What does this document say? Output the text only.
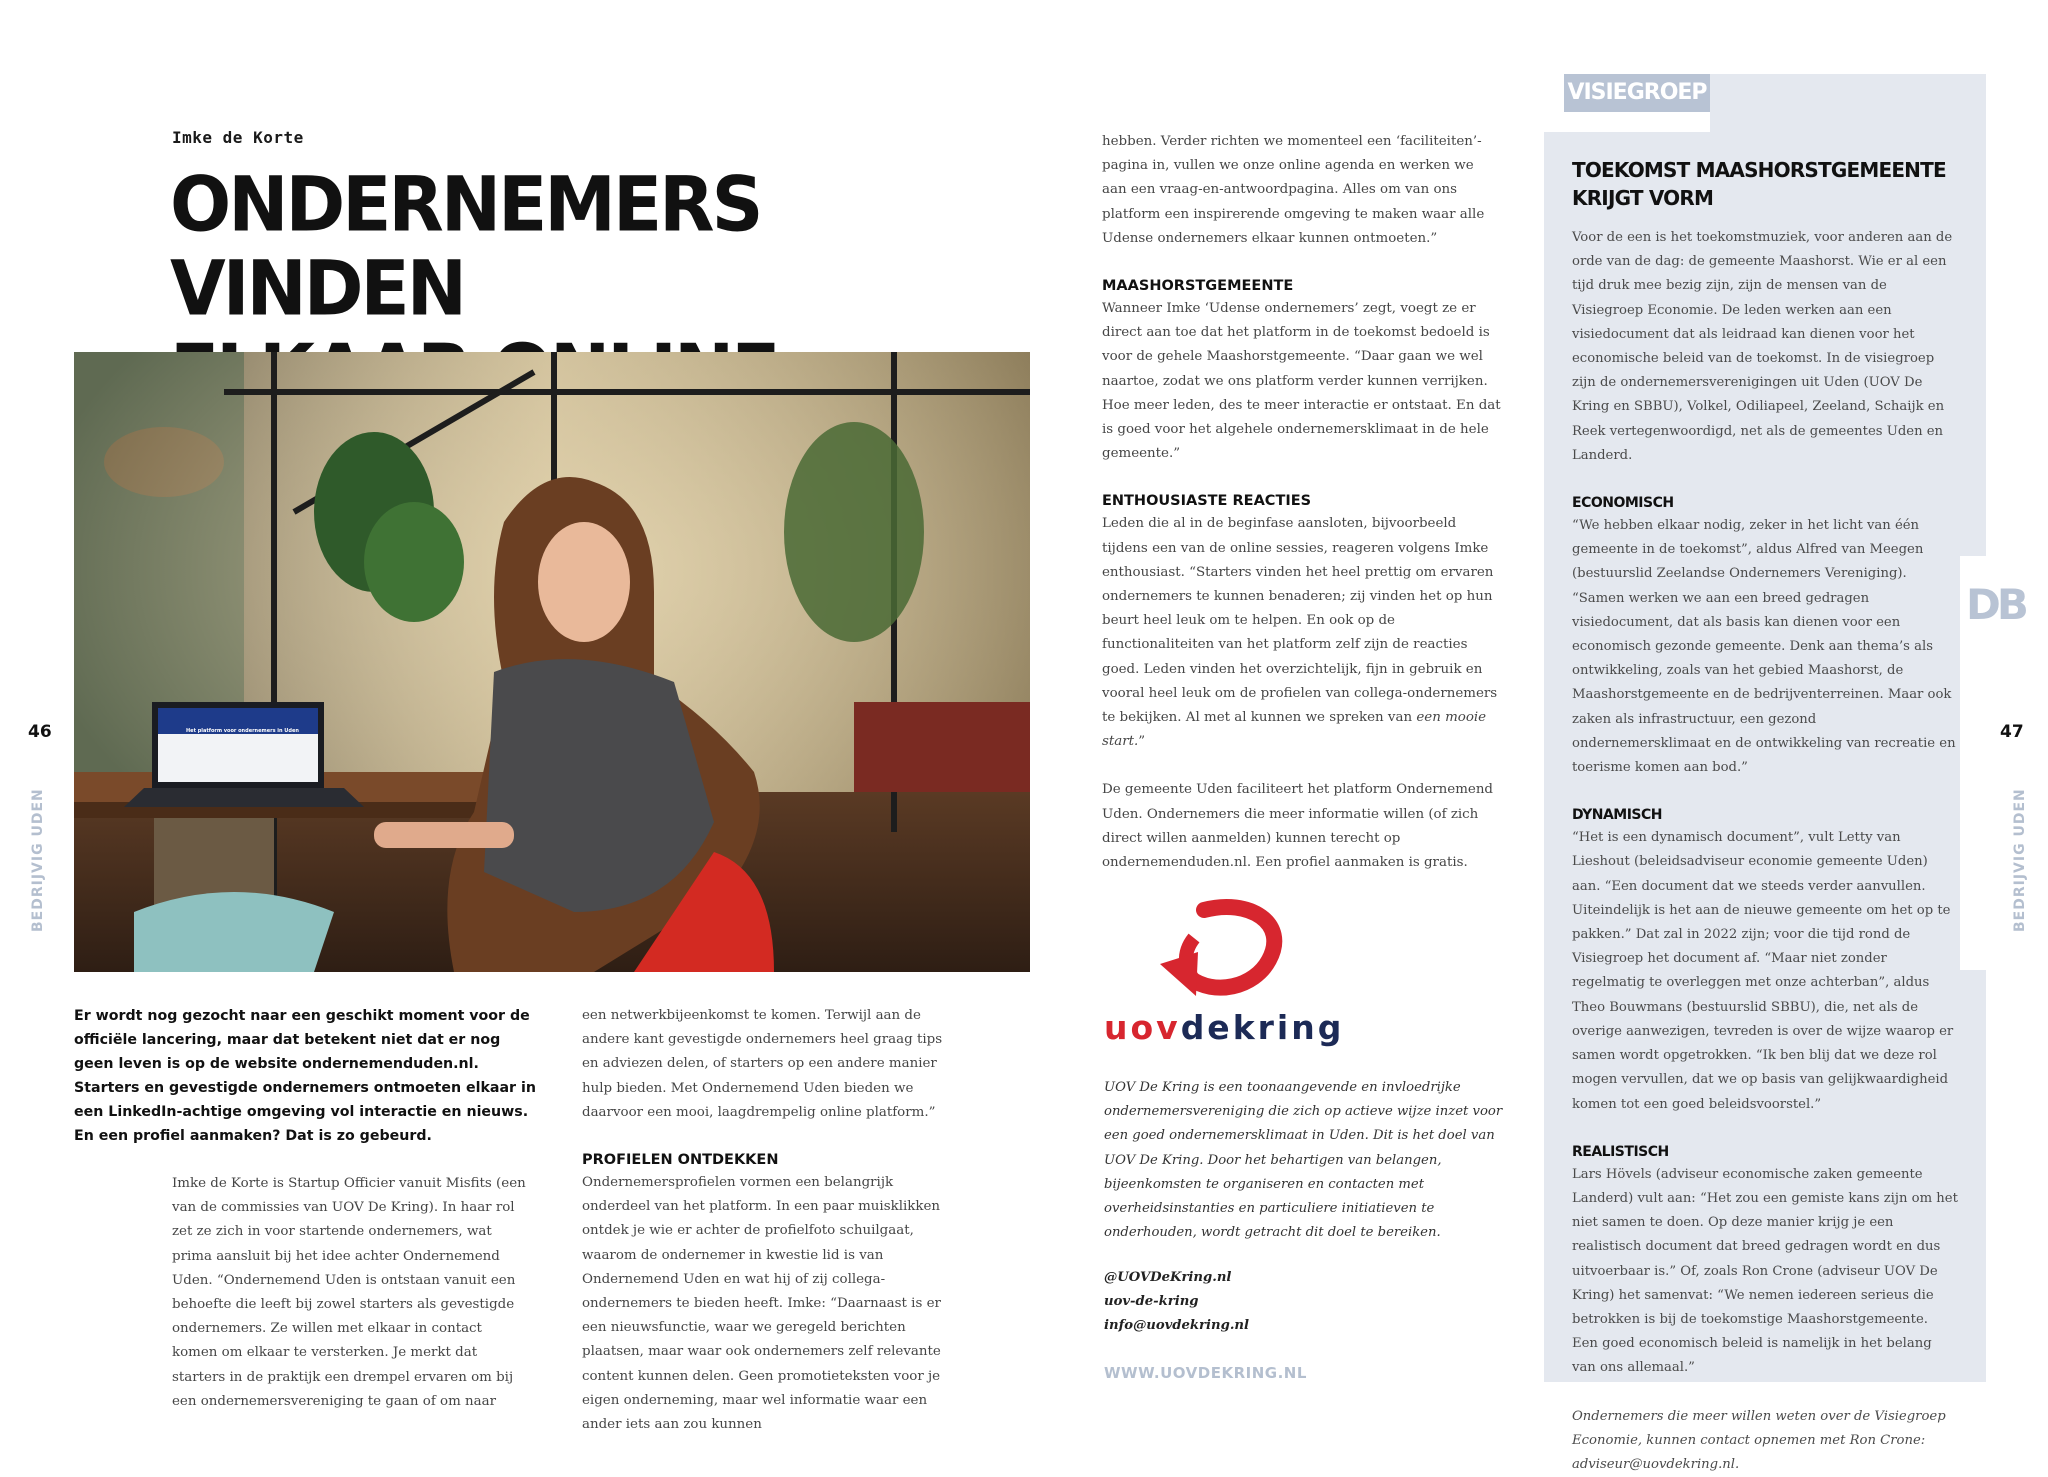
Imke de Korte
ONDERNEMERS VINDEN
Het platform voor ondernemers in Uden
Er wordt nog gezocht naar een geschikt moment voor de officiële lancering, maar dat betekent niet dat er nog geen leven is op de website ondernemenduden.nl. Starters en gevestigde ondernemers ontmoeten elkaar in een LinkedIn-achtige omgeving vol interactie en nieuws. En een profiel aanmaken? Dat is zo gebeurd.

Imke de Korte is Startup Officier vanuit Misfits (een van de commissies van UOV De Kring). In haar rol zet ze zich in voor startende ondernemers, wat prima aansluit bij het idee achter Ondernemend Uden. “Ondernemend Uden is ontstaan vanuit een behoefte die leeft bij zowel starters als gevestigde ondernemers. Ze willen met elkaar in contact komen om elkaar te versterken. Je merkt dat starters in de praktijk een drempel ervaren om bij een ondernemersvereniging te gaan of om naar

een netwerkbijeenkomst te komen. Terwijl aan de andere kant gevestigde ondernemers heel graag tips en adviezen delen, of starters op een andere manier hulp bieden. Met Ondernemend Uden bieden we daarvoor een mooi, laagdrempelig online platform.”

PROFIELEN ONTDEKKEN

Ondernemersprofielen vormen een belangrijk onderdeel van het platform. In een paar muisklikken ontdek je wie er achter de profielfoto schuilgaat, waarom de ondernemer in kwestie lid is van Ondernemend Uden en wat hij of zij collega-ondernemers te bieden heeft. Imke: “Daarnaast is er een nieuwsfunctie, waar we geregeld berichten plaatsen, maar waar ook ondernemers zelf relevante content kunnen delen. Geen promotieteksten voor je eigen onderneming, maar wel informatie waar een ander iets aan zou kunnen

46
BEDRIJVIG UDEN

hebben. Verder richten we momenteel een ‘faciliteiten’-pagina in, vullen we onze online agenda en werken we aan een vraag-en-antwoordpagina. Alles om van ons platform een inspirerende omgeving te maken waar alle Udense ondernemers elkaar kunnen ontmoeten.”

MAASHORSTGEMEENTE

Wanneer Imke ‘Udense ondernemers’ zegt, voegt ze er direct aan toe dat het platform in de toekomst bedoeld is voor de gehele Maashorstgemeente. “Daar gaan we wel naartoe, zodat we ons platform verder kunnen verrijken. Hoe meer leden, des te meer interactie er ontstaat. En dat is goed voor het algehele ondernemersklimaat in de hele gemeente.”

ENTHOUSIASTE REACTIES

Leden die al in de beginfase aansloten, bijvoorbeeld tijdens een van de online sessies, reageren volgens Imke enthousiast. “Starters vinden het heel prettig om ervaren ondernemers te kunnen benaderen; zij vinden het op hun beurt heel leuk om te helpen. En ook op de functionaliteiten van het platform zelf zijn de reacties goed. Leden vinden het overzichtelijk, fijn in gebruik en vooral heel leuk om de profielen van collega-ondernemers te bekijken. Al met al kunnen we spreken van een mooie start.”

De gemeente Uden faciliteert het platform Ondernemend Uden. Ondernemers die meer informatie willen (of zich direct willen aanmelden) kunnen terecht op ondernemenduden.nl. Een profiel aanmaken is gratis.

uovdekring
UOV De Kring is een toonaangevende en invloedrijke ondernemersvereniging die zich op actieve wijze inzet voor een goed ondernemersklimaat in Uden. Dit is het doel van UOV De Kring. Door het behartigen van belangen, bijeenkomsten te organiseren en contacten met overheidsinstanties en particuliere initiatieven te onderhouden, wordt getracht dit doel te bereiken.
@UOVDeKring.nl
uov-de-kring
info@uovdekring.nl
WWW.UOVDEKRING.NL
VISIEGROEP
TOEKOMST MAASHORSTGEMEENTE
KRIJGT VORM

Voor de een is het toekomstmuziek, voor anderen aan de orde van de dag: de gemeente Maashorst. Wie er al een tijd druk mee bezig zijn, zijn de mensen van de Visiegroep Economie. De leden werken aan een visiedocument dat als leidraad kan dienen voor het economische beleid van de toekomst. In de visiegroep zijn de ondernemersverenigingen uit Uden (UOV De Kring en SBBU), Volkel, Odiliapeel, Zeeland, Schaijk en Reek vertegenwoordigd, net als de gemeentes Uden en Landerd.

ECONOMISCH

“We hebben elkaar nodig, zeker in het licht van één gemeente in de toekomst”, aldus Alfred van Meegen (bestuurslid Zeelandse Ondernemers Vereniging). “Samen werken we aan een breed gedragen visiedocument, dat als basis kan dienen voor een economisch gezonde gemeente. Denk aan thema’s als ontwikkeling, zoals van het gebied Maashorst, de Maashorstgemeente en de bedrijventerreinen. Maar ook zaken als infrastructuur, een gezond ondernemersklimaat en de ontwikkeling van recreatie en toerisme komen aan bod.”

DYNAMISCH

“Het is een dynamisch document”, vult Letty van Lieshout (beleidsadviseur economie gemeente Uden) aan. “Een document dat we steeds verder aanvullen. Uiteindelijk is het aan de nieuwe gemeente om het op te pakken.” Dat zal in 2022 zijn; voor die tijd rond de Visiegroep het document af. “Maar niet zonder regelmatig te overleggen met onze achterban”, aldus Theo Bouwmans (bestuurslid SBBU), die, net als de overige aanwezigen, tevreden is over de wijze waarop er samen wordt opgetrokken. “Ik ben blij dat we deze rol mogen vervullen, dat we op basis van gelijkwaardigheid komen tot een goed beleidsvoorstel.”

REALISTISCH

Lars Hövels (adviseur economische zaken gemeente Landerd) vult aan: “Het zou een gemiste kans zijn om het niet samen te doen. Op deze manier krijg je een realistisch document dat breed gedragen wordt en dus uitvoerbaar is.” Of, zoals Ron Crone (adviseur UOV De Kring) het samenvat: “We nemen iedereen serieus die betrokken is bij de toekomstige Maashorstgemeente. Een goed economisch beleid is namelijk in het belang van ons allemaal.”

Ondernemers die meer willen weten over de Visiegroep Economie, kunnen contact opnemen met Ron Crone: adviseur@uovdekring.nl.

DB
47
BEDRIJVIG UDEN
